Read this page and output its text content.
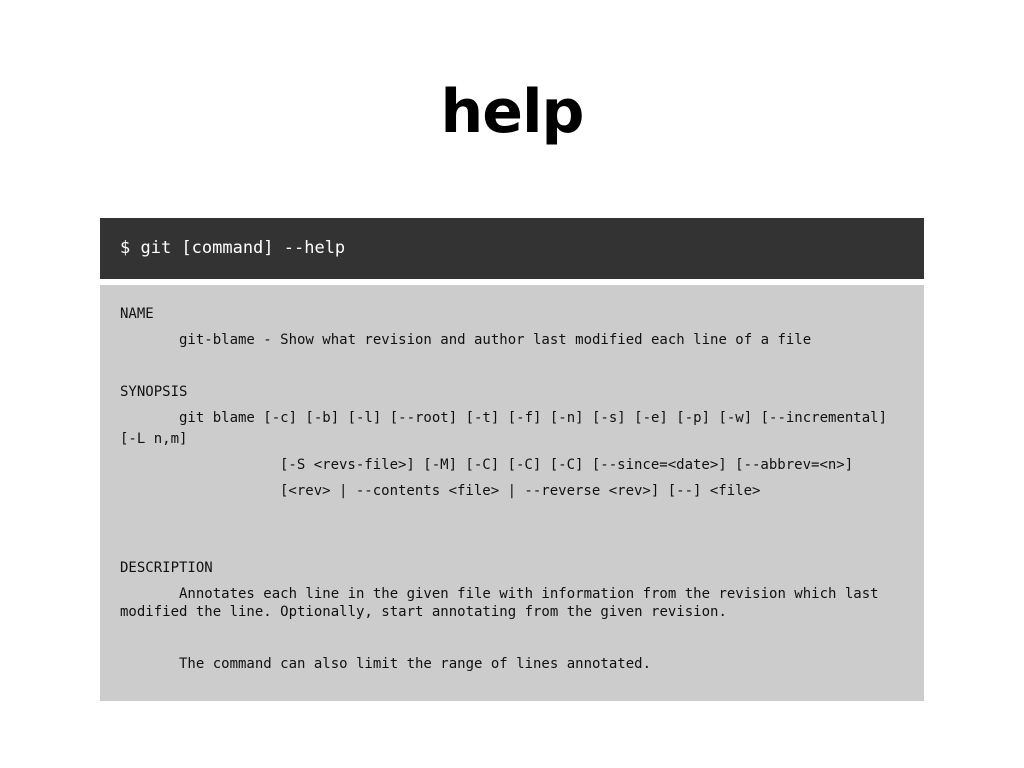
help
$ git [command] --help
NAME
git-blame - Show what revision and author last modified each line of a file
SYNOPSIS
git blame [-c] [-b] [-l] [--root] [-t] [-f] [-n] [-s] [-e] [-p] [-w] [--incremental]
[-L n,m]
[-S <revs-file>] [-M] [-C] [-C] [-C] [--since=<date>] [--abbrev=<n>]
[<rev> | --contents <file> | --reverse <rev>] [--] <file>
DESCRIPTION
Annotates each line in the given file with information from the revision which last
modified the line. Optionally, start annotating from the given revision.
The command can also limit the range of lines annotated.
